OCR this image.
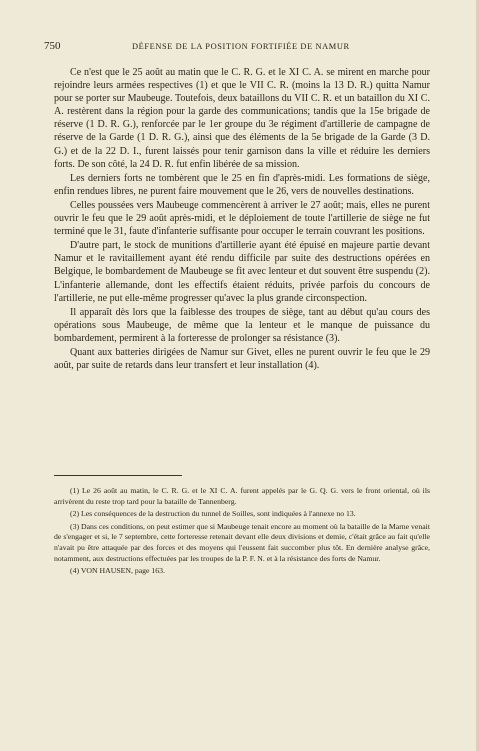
750	DÉFENSE DE LA POSITION FORTIFIÉE DE NAMUR

Ce n'est que le 25 août au matin que le C. R. G. et le XI C. A. se mirent en marche pour rejoindre leurs armées respectives (1) et que le VII C. R. (moins la 13 D. R.) quitta Namur pour se porter sur Maubeuge. Toutefois, deux bataillons du VII C. R. et un bataillon du XI C. A. restèrent dans la région pour la garde des communications; tandis que la 15e brigade de réserve (1 D. R. G.), renforcée par le 1er groupe du 3e régiment d'artillerie de campagne de réserve de la Garde (1 D. R. G.), ainsi que des éléments de la 5e brigade de la Garde (3 D. G.) et de la 22 D. I., furent laissés pour tenir garnison dans la ville et réduire les derniers forts. De son côté, la 24 D. R. fut enfin libérée de sa mission.

Les derniers forts ne tombèrent que le 25 en fin d'après-midi. Les formations de siège, enfin rendues libres, ne purent faire mouvement que le 26, vers de nouvelles destinations.

Celles poussées vers Maubeuge commencèrent à arriver le 27 août; mais, elles ne purent ouvrir le feu que le 29 août après-midi, et le déploiement de toute l'artillerie de siège ne fut terminé que le 31, faute d'infanterie suffisante pour occuper le terrain couvrant les positions.

D'autre part, le stock de munitions d'artillerie ayant été épuisé en majeure partie devant Namur et le ravitaillement ayant été rendu difficile par suite des destructions opérées en Belgique, le bombardement de Maubeuge se fit avec lenteur et dut souvent être suspendu (2). L'infanterie allemande, dont les effectifs étaient réduits, privée parfois du concours de l'artillerie, ne put elle-même progresser qu'avec la plus grande circonspection.

Il apparaît dès lors que la faiblesse des troupes de siège, tant au début qu'au cours des opérations sous Maubeuge, de même que la lenteur et le manque de puissance du bombardement, permirent à la forteresse de prolonger sa résistance (3).

Quant aux batteries dirigées de Namur sur Givet, elles ne purent ouvrir le feu que le 29 août, par suite de retards dans leur transfert et leur installation (4).

(1) Le 26 août au matin, le C. R. G. et le XI C. A. furent appelés par le G. Q. G. vers le front oriental, où ils arrivèrent du reste trop tard pour la bataille de Tannenberg.

(2) Les conséquences de la destruction du tunnel de Soilles, sont indiquées à l'annexe no 13.

(3) Dans ces conditions, on peut estimer que si Maubeuge tenait encore au moment où la bataille de la Marne venait de s'engager et si, le 7 septembre, cette forteresse retenait devant elle deux divisions et demie, c'était grâce au fait qu'elle n'avait pu être attaquée par des forces et des moyens qui l'eussent fait succomber plus tôt. En dernière analyse grâce, notamment, aux destructions effectuées par les troupes de la P. F. N. et à la résistance des forts de Namur.

(4) VON HAUSEN, page 163.
